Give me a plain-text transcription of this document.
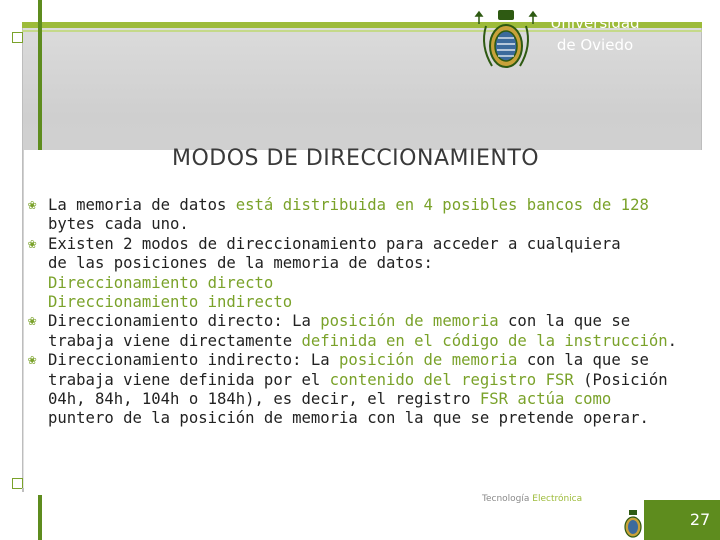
Universidad
de Oviedo
MODOS DE DIRECCIONAMIENTO
❀ La memoria de datos está distribuida en 4 posibles bancos de 128
bytes cada uno.
❀ Existen 2 modos de direccionamiento para acceder a cualquiera
de las posiciones de la memoria de datos:
Direccionamiento directo
Direccionamiento indirecto
❀ Direccionamiento directo: La posición de memoria con la que se
trabaja viene directamente definida en el código de la instrucción.
❀ Direccionamiento indirecto: La posición de memoria con la que se
trabaja viene definida por el contenido del registro FSR (Posición
04h, 84h, 104h o 184h), es decir, el registro FSR actúa como
puntero de la posición de memoria con la que se pretende operar.
Tecnología Electrónica
27
